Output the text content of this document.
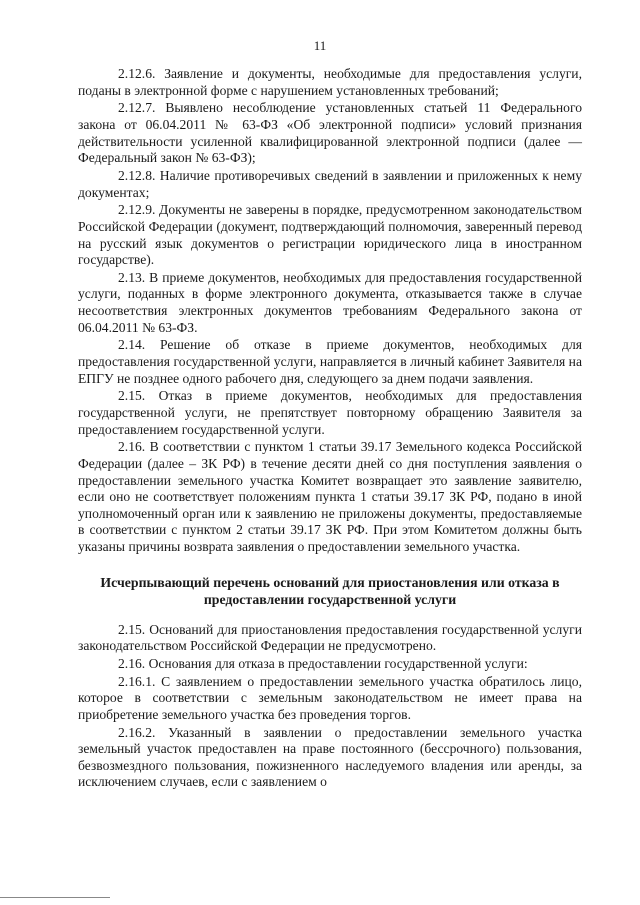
11

2.12.6. Заявление и документы, необходимые для предоставления услуги, поданы в электронной форме с нарушением установленных требований;

2.12.7. Выявлено несоблюдение установленных статьей 11 Федерального закона от 06.04.2011 № 63-ФЗ «Об электронной подписи» условий признания действительности усиленной квалифицированной электронной подписи (далее — Федеральный закон № 63-ФЗ);

2.12.8. Наличие противоречивых сведений в заявлении и приложенных к нему документах;

2.12.9. Документы не заверены в порядке, предусмотренном законодательством Российской Федерации (документ, подтверждающий полномочия, заверенный перевод на русский язык документов о регистрации юридического лица в иностранном государстве).

2.13. В приеме документов, необходимых для предоставления государственной услуги, поданных в форме электронного документа, отказывается также в случае несоответствия электронных документов требованиям Федерального закона от 06.04.2011 № 63-ФЗ.

2.14. Решение об отказе в приеме документов, необходимых для предоставления государственной услуги, направляется в личный кабинет Заявителя на ЕПГУ не позднее одного рабочего дня, следующего за днем подачи заявления.

2.15. Отказ в приеме документов, необходимых для предоставления государственной услуги, не препятствует повторному обращению Заявителя за предоставлением государственной услуги.

2.16. В соответствии с пунктом 1 статьи 39.17 Земельного кодекса Российской Федерации (далее – ЗК РФ) в течение десяти дней со дня поступления заявления о предоставлении земельного участка Комитет возвращает это заявление заявителю, если оно не соответствует положениям пункта 1 статьи 39.17 ЗК РФ, подано в иной уполномоченный орган или к заявлению не приложены документы, предоставляемые в соответствии с пунктом 2 статьи 39.17 ЗК РФ. При этом Комитетом должны быть указаны причины возврата заявления о предоставлении земельного участка.

Исчерпывающий перечень оснований для приостановления или отказа в предоставлении государственной услуги

2.15. Оснований для приостановления предоставления государственной услуги законодательством Российской Федерации не предусмотрено.

2.16. Основания для отказа в предоставлении государственной услуги:

2.16.1. С заявлением о предоставлении земельного участка обратилось лицо, которое в соответствии с земельным законодательством не имеет права на приобретение земельного участка без проведения торгов.

2.16.2. Указанный в заявлении о предоставлении земельного участка земельный участок предоставлен на праве постоянного (бессрочного) пользования, безвозмездного пользования, пожизненного наследуемого владения или аренды, за исключением случаев, если с заявлением о
